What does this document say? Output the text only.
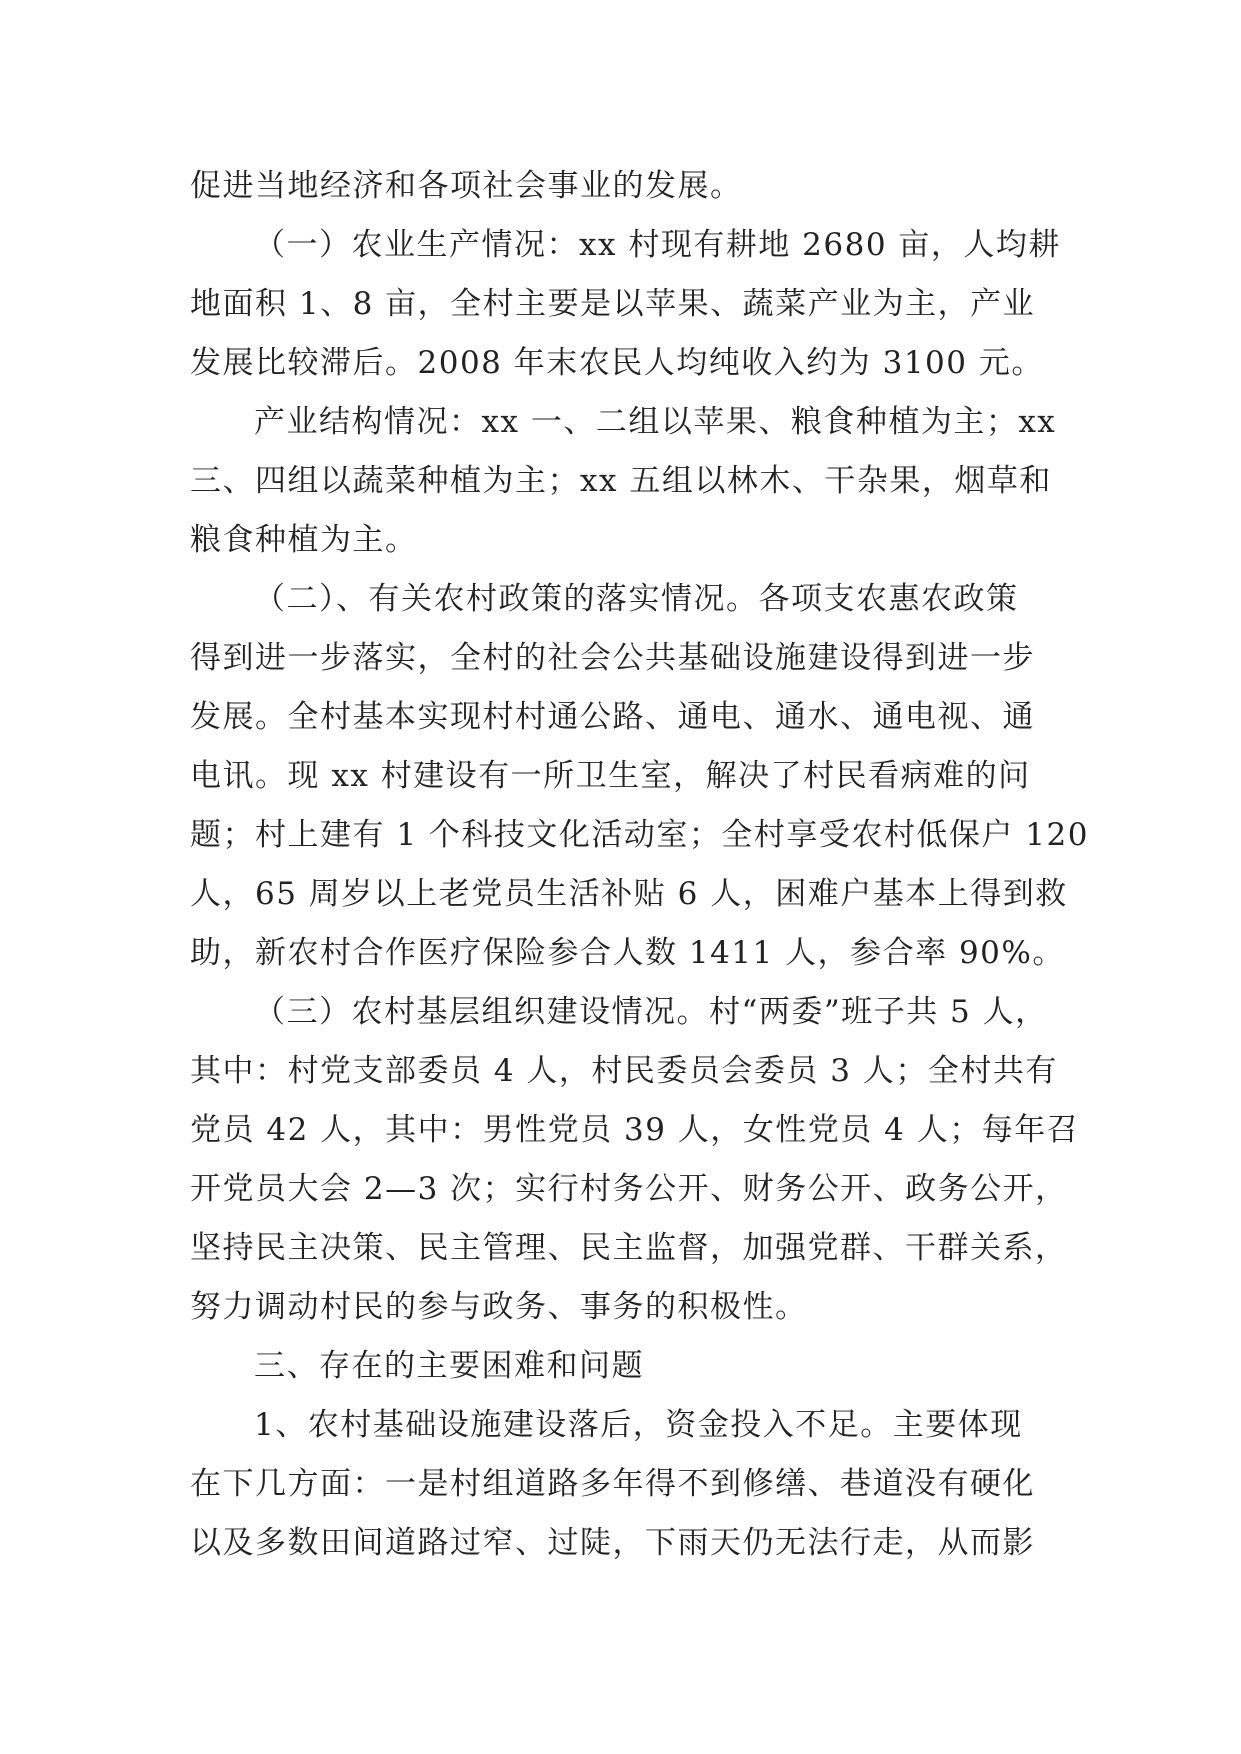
促进当地经济和各项社会事业的发展。
（一）农业生产情况：xx 村现有耕地 2680 亩，人均耕
地面积 1、8 亩，全村主要是以苹果、蔬菜产业为主，产业
发展比较滞后。2008 年末农民人均纯收入约为 3100 元。
产业结构情况：xx 一、二组以苹果、粮食种植为主；xx
三、四组以蔬菜种植为主；xx 五组以林木、干杂果，烟草和
粮食种植为主。
（二）、有关农村政策的落实情况。各项支农惠农政策
得到进一步落实，全村的社会公共基础设施建设得到进一步
发展。全村基本实现村村通公路、通电、通水、通电视、通
电讯。现 xx 村建设有一所卫生室，解决了村民看病难的问
题；村上建有 1 个科技文化活动室；全村享受农村低保户 120
人，65 周岁以上老党员生活补贴 6 人，困难户基本上得到救
助，新农村合作医疗保险参合人数 1411 人，参合率 90%。
（三）农村基层组织建设情况。村“两委”班子共 5 人，
其中：村党支部委员 4 人，村民委员会委员 3 人；全村共有
党员 42 人，其中：男性党员 39 人，女性党员 4 人；每年召
开党员大会 2—3 次；实行村务公开、财务公开、政务公开，
坚持民主决策、民主管理、民主监督，加强党群、干群关系，
努力调动村民的参与政务、事务的积极性。
三、存在的主要困难和问题
1、农村基础设施建设落后，资金投入不足。主要体现
在下几方面：一是村组道路多年得不到修缮、巷道没有硬化
以及多数田间道路过窄、过陡，下雨天仍无法行走，从而影
